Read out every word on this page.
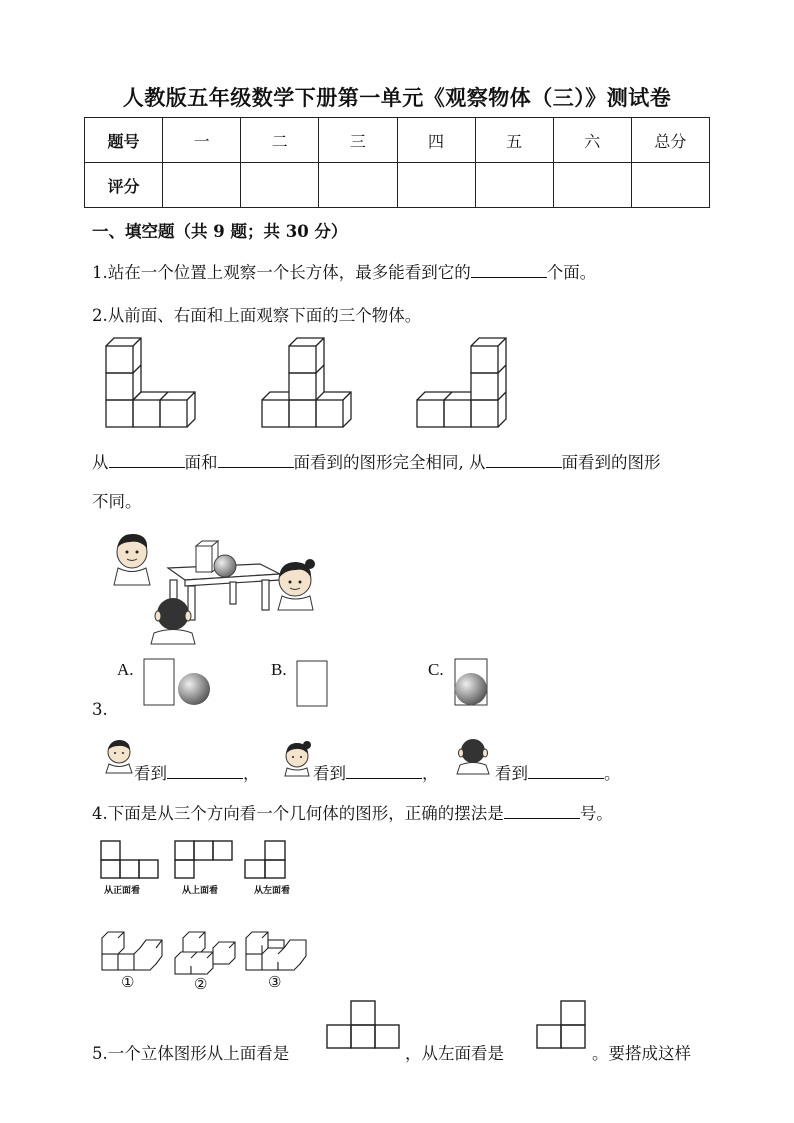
人教版五年级数学下册第一单元《观察物体（三）》测试卷
题号	一	二	三	四	五	六	总分
评分							
一、填空题（共 9 题；共 30 分）
1.站在一个位置上观察一个长方体，最多能看到它的	个面。
2.从前面、右面和上面观察下面的三个物体。
从	面和	面看到的图形完全相同, 从	面看到的图形
不同。
A.	B.	C.
3.
看到	，	看到	，	看到	。
4.下面是从三个方向看一个几何体的图形，正确的摆法是	号。
从正面看	从上面看	从左面看
①	②	③
5.一个立体图形从上面看是	，从左面看是	。要搭成这样
